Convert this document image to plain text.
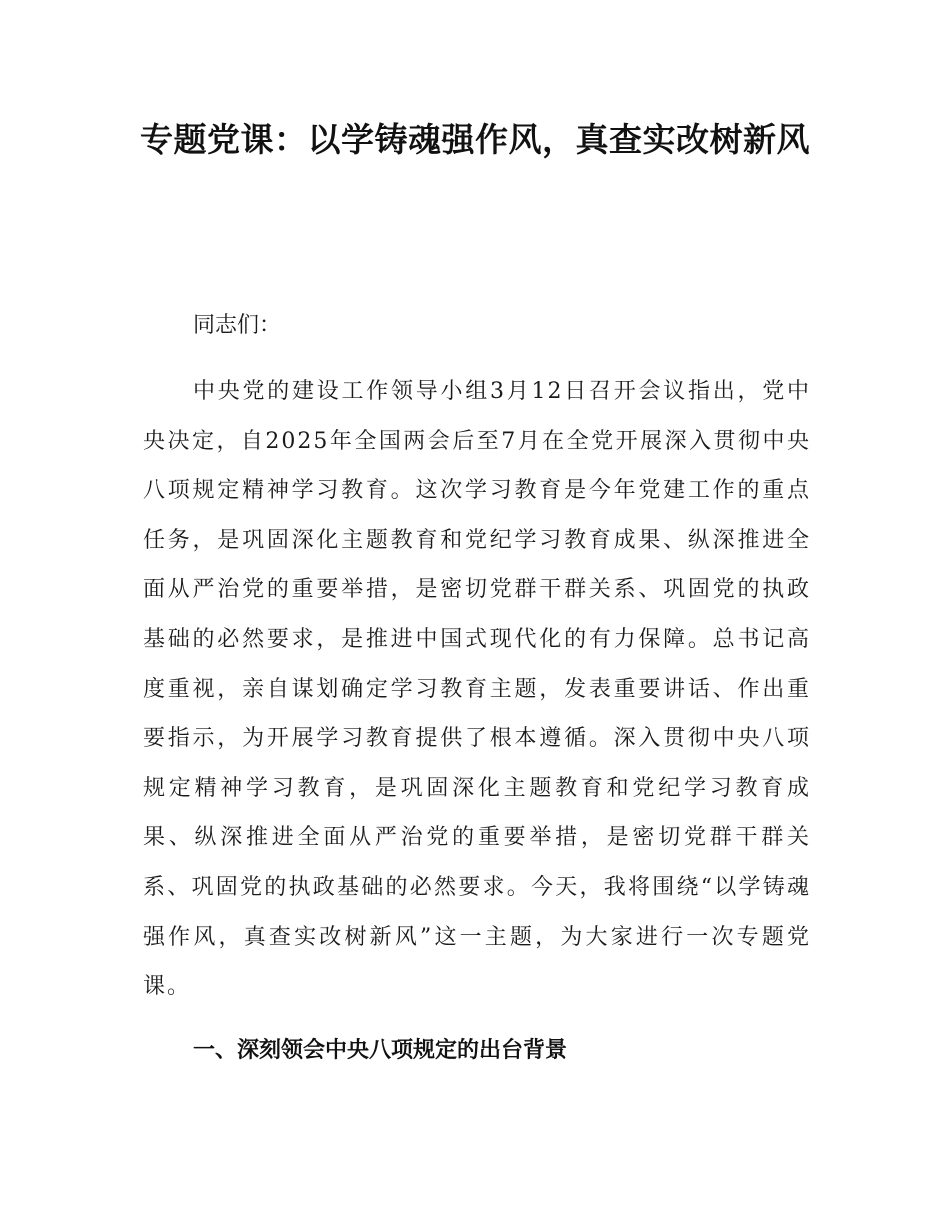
专题党课：以学铸魂强作风，真查实改树新风

同志们：

中央党的建设工作领导小组3月12日召开会议指出，党中央决定，自2025年全国两会后至7月在全党开展深入贯彻中央八项规定精神学习教育。这次学习教育是今年党建工作的重点任务，是巩固深化主题教育和党纪学习教育成果、纵深推进全面从严治党的重要举措，是密切党群干群关系、巩固党的执政基础的必然要求，是推进中国式现代化的有力保障。总书记高度重视，亲自谋划确定学习教育主题，发表重要讲话、作出重要指示，为开展学习教育提供了根本遵循。深入贯彻中央八项规定精神学习教育，是巩固深化主题教育和党纪学习教育成果、纵深推进全面从严治党的重要举措，是密切党群干群关系、巩固党的执政基础的必然要求。今天，我将围绕“以学铸魂强作风，真查实改树新风”这一主题，为大家进行一次专题党课。

一、深刻领会中央八项规定的出台背景
